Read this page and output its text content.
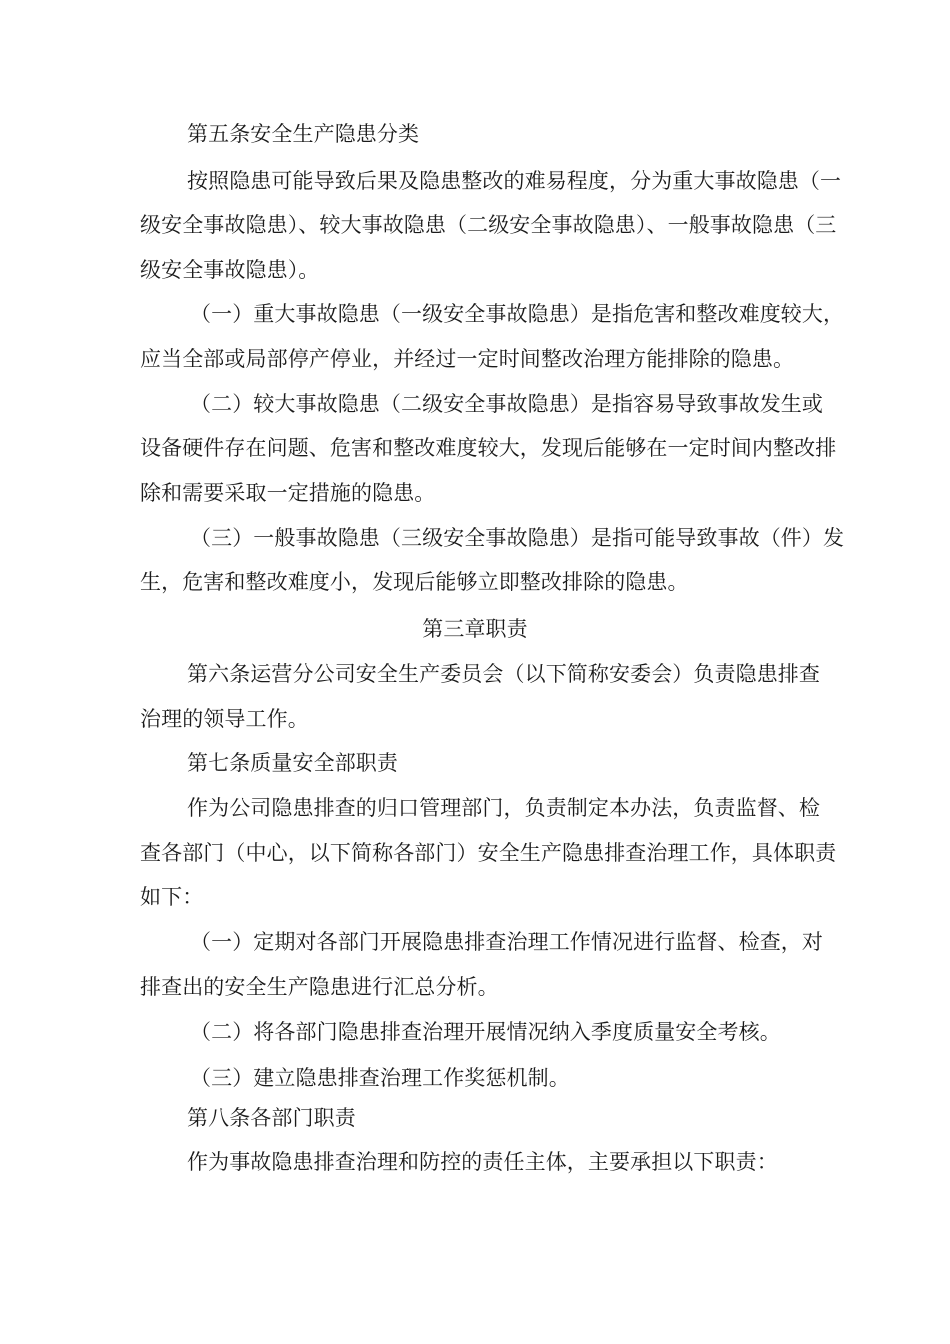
第五条安全生产隐患分类
按照隐患可能导致后果及隐患整改的难易程度，分为重大事故隐患（一
级安全事故隐患）、较大事故隐患（二级安全事故隐患）、一般事故隐患（三
级安全事故隐患）。
（一）重大事故隐患（一级安全事故隐患）是指危害和整改难度较大，
应当全部或局部停产停业，并经过一定时间整改治理方能排除的隐患。
（二）较大事故隐患（二级安全事故隐患）是指容易导致事故发生或
设备硬件存在问题、危害和整改难度较大，发现后能够在一定时间内整改排
除和需要采取一定措施的隐患。
（三）一般事故隐患（三级安全事故隐患）是指可能导致事故（件）发
生，危害和整改难度小，发现后能够立即整改排除的隐患。
第三章职责
第六条运营分公司安全生产委员会（以下简称安委会）负责隐患排查
治理的领导工作。
第七条质量安全部职责
作为公司隐患排查的归口管理部门，负责制定本办法，负责监督、检
查各部门（中心，以下简称各部门）安全生产隐患排查治理工作，具体职责
如下：
（一）定期对各部门开展隐患排查治理工作情况进行监督、检查，对
排查出的安全生产隐患进行汇总分析。
（二）将各部门隐患排查治理开展情况纳入季度质量安全考核。
（三）建立隐患排查治理工作奖惩机制。
第八条各部门职责
作为事故隐患排查治理和防控的责任主体，主要承担以下职责：
